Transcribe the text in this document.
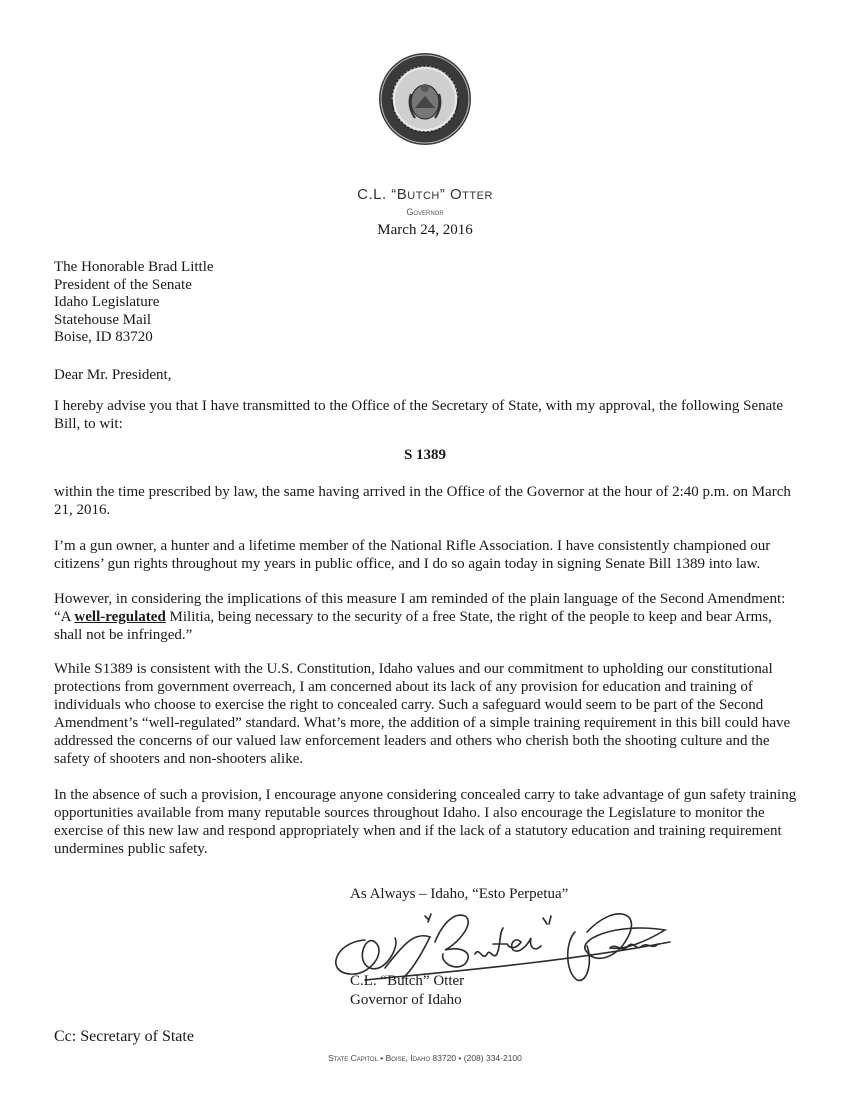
C.L. “Butch” Otter
Governor
March 24, 2016
The Honorable Brad Little
President of the Senate
Idaho Legislature
Statehouse Mail
Boise, ID 83720
Dear Mr. President,
I hereby advise you that I have transmitted to the Office of the Secretary of State, with my approval, the following Senate Bill, to wit:
S 1389
within the time prescribed by law, the same having arrived in the Office of the Governor at the hour of 2:40 p.m. on March 21, 2016.
I’m a gun owner, a hunter and a lifetime member of the National Rifle Association. I have consistently championed our citizens’ gun rights throughout my years in public office, and I do so again today in signing Senate Bill 1389 into law.
However, in considering the implications of this measure I am reminded of the plain language of the Second Amendment: “A well-regulated Militia, being necessary to the security of a free State, the right of the people to keep and bear Arms, shall not be infringed.”
While S1389 is consistent with the U.S. Constitution, Idaho values and our commitment to upholding our constitutional protections from government overreach, I am concerned about its lack of any provision for education and training of individuals who choose to exercise the right to concealed carry. Such a safeguard would seem to be part of the Second Amendment’s “well-regulated” standard. What’s more, the addition of a simple training requirement in this bill could have addressed the concerns of our valued law enforcement leaders and others who cherish both the shooting culture and the safety of shooters and non-shooters alike.
In the absence of such a provision, I encourage anyone considering concealed carry to take advantage of gun safety training opportunities available from many reputable sources throughout Idaho. I also encourage the Legislature to monitor the exercise of this new law and respond appropriately when and if the lack of a statutory education and training requirement undermines public safety.
As Always – Idaho, “Esto Perpetua”
C.L. “Butch” Otter
Governor of Idaho
Cc: Secretary of State
State Capitol • Boise, Idaho 83720 • (208) 334-2100
